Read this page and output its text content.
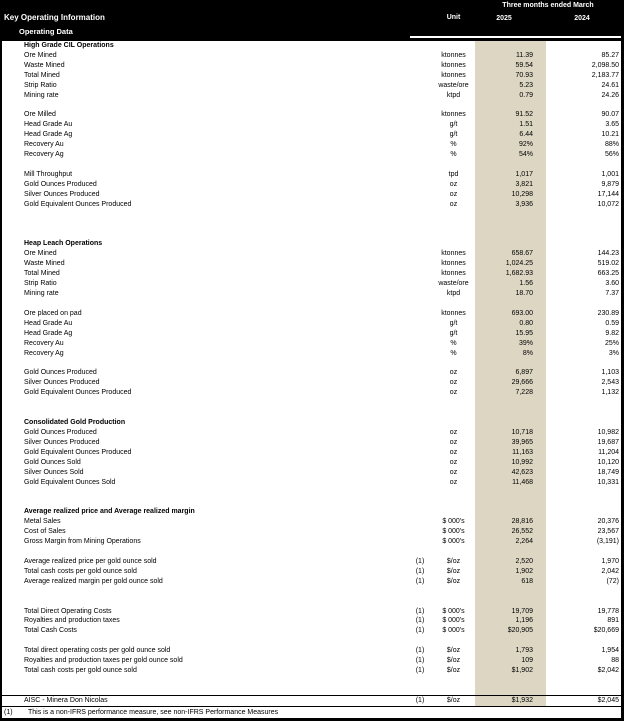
Key Operating Information
Operating Data
Three months ended March
Unit	2025	2024
High Grade CIL Operations
Ore Mined	ktonnes	11.39	85.27
Waste Mined	ktonnes	59.54	2,098.50
Total Mined	ktonnes	70.93	2,183.77
Strip Ratio	waste/ore	5.23	24.61
Mining rate	ktpd	0.79	24.26
Ore Milled	ktonnes	91.52	90.07
Head Grade Au	g/t	1.51	3.65
Head Grade Ag	g/t	6.44	10.21
Recovery Au	%	92%	88%
Recovery Ag	%	54%	56%
Mill Throughput	tpd	1,017	1,001
Gold Ounces Produced	oz	3,821	9,879
Silver Ounces Produced	oz	10,298	17,144
Gold Equivalent Ounces Produced	oz	3,936	10,072
Heap Leach Operations
Ore Mined	ktonnes	658.67	144.23
Waste Mined	ktonnes	1,024.25	519.02
Total Mined	ktonnes	1,682.93	663.25
Strip Ratio	waste/ore	1.56	3.60
Mining rate	ktpd	18.70	7.37
Ore placed on pad	ktonnes	693.00	230.89
Head Grade Au	g/t	0.80	0.59
Head Grade Ag	g/t	15.95	9.82
Recovery Au	%	39%	25%
Recovery Ag	%	8%	3%
Gold Ounces Produced	oz	6,897	1,103
Silver Ounces Produced	oz	29,666	2,543
Gold Equivalent Ounces Produced	oz	7,228	1,132
Consolidated Gold Production
Gold Ounces Produced	oz	10,718	10,982
Silver Ounces Produced	oz	39,965	19,687
Gold Equivalent Ounces Produced	oz	11,163	11,204
Gold Ounces Sold	oz	10,992	10,120
Silver Ounces Sold	oz	42,623	18,749
Gold Equivalent Ounces Sold	oz	11,468	10,331
Average realized price and Average realized margin
Metal Sales	$ 000's	28,816	20,376
Cost of Sales	$ 000's	26,552	23,567
Gross Margin from Mining Operations	$ 000's	2,264	(3,191)
Average realized price per gold ounce sold	(1)	$/oz	2,520	1,970
Total cash costs per gold ounce sold	(1)	$/oz	1,902	2,042
Average realized margin per gold ounce sold	(1)	$/oz	618	(72)
Total Direct Operating Costs	(1)	$ 000's	19,709	19,778
Royalties and production taxes	(1)	$ 000's	1,196	891
Total Cash Costs	(1)	$ 000's	$20,905	$20,669
Total direct operating costs per gold ounce sold	(1)	$/oz	1,793	1,954
Royalties and production taxes per gold ounce sold	(1)	$/oz	109	88
Total cash costs per gold ounce sold	(1)	$/oz	$1,902	$2,042
AISC - Minera Don Nicolas	(1)	$/oz	$1,932	$2,045
(1)	This is a non-IFRS performance measure, see non-IFRS Performance Measures
